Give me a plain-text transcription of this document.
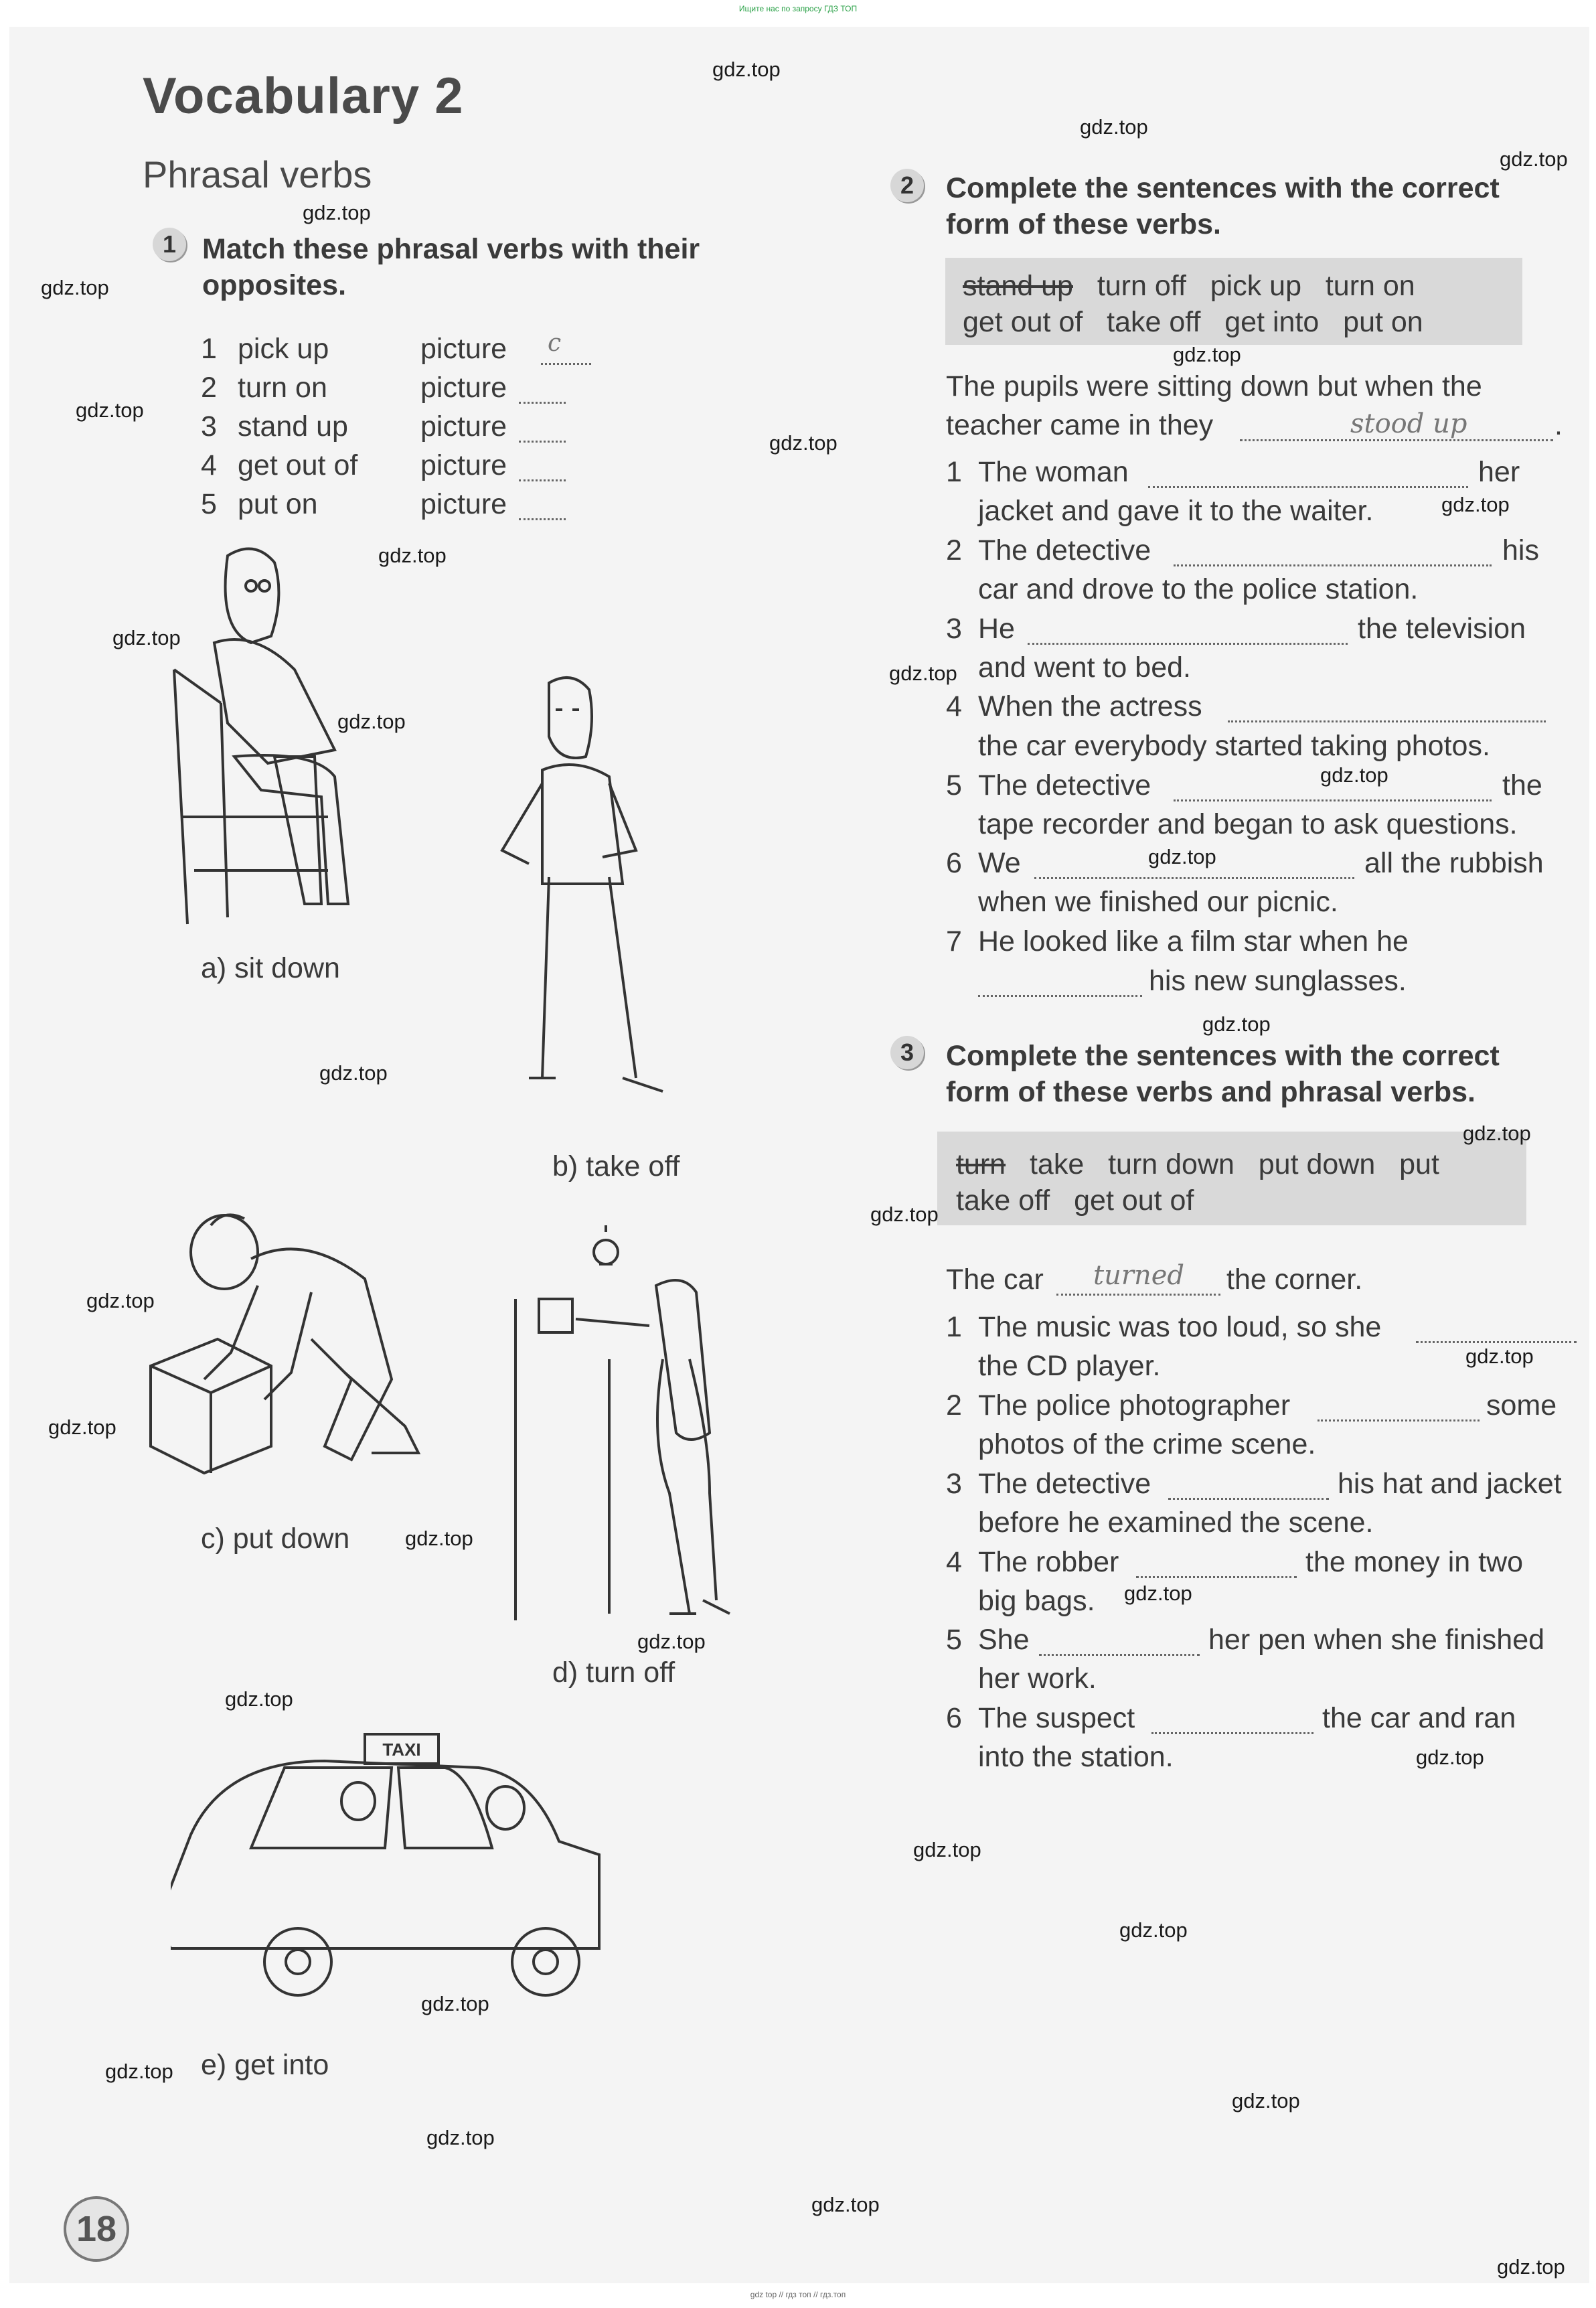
Ищите нас по запросу ГДЗ ТОП
Vocabulary 2
Phrasal verbs
1 Match these phrasal verbs with their
opposites.
1 pick up	picture c
2 turn on	picture
3 stand up	picture
4 get out of picture
5 put on	picture
a) sit down
b) take off
c) put down
d) turn off
TAXI
e) get into
18
2	Complete the sentences with the correct
form of these verbs.
stand up turn off pick up turn on
get out of take off get into put on
The pupils were sitting down but when the
teacher came in they	stood up	.
1 The woman	her
jacket and gave it to the waiter.
2 The detective	his
car and drove to the police station.
3 He	the television
and went to bed.
4 When the actress
the car everybody started taking photos.
5 The detective	the
tape recorder and began to ask questions.
6 We	all the rubbish
when we finished our picnic.
7 He looked like a film star when he
his new sunglasses.
3	Complete the sentences with the correct
form of these verbs and phrasal verbs.
turn take turn down put down put
take off get out of
The car turned the corner.
1 The music was too loud, so she
the CD player.
2 The police photographer	some
photos of the crime scene.
3 The detective	his hat and jacket
before he examined the scene.
4 The robber	the money in two
big bags.
5 She	her pen when she finished
her work.
6 The suspect	the car and ran
into the station.
gdz.top
gdz.top
gdz.top
gdz.top
gdz.top
gdz.top
gdz.top
gdz.top
gdz.top
gdz.top
gdz.top
gdz.top
gdz.top
gdz.top
gdz.top
gdz.top
gdz.top
gdz.top
gdz.top
gdz.top
gdz.top
gdz.top
gdz.top
gdz.top
gdz.top
gdz.top
gdz.top
gdz.top
gdz.top
gdz.top
gdz.top
gdz.top
gdz.top
gdz.top
gdz.top
gdz top // гдз топ // гдз.топ
